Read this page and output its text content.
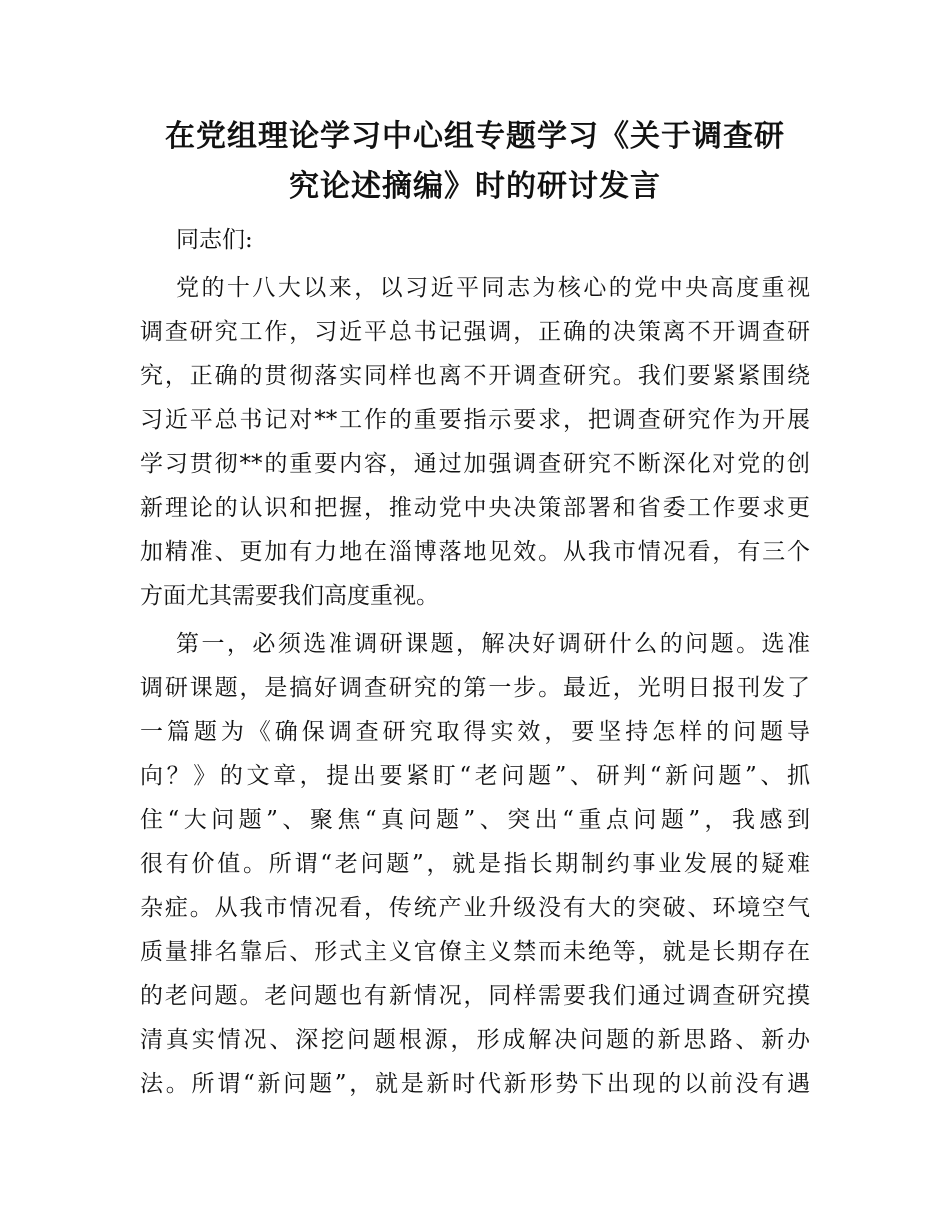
在党组理论学习中心组专题学习《关于调查研
究论述摘编》时的研讨发言

同志们:

党的十八大以来，以习近平同志为核心的党中央高度重视
调查研究工作，习近平总书记强调，正确的决策离不开调查研
究，正确的贯彻落实同样也离不开调查研究。我们要紧紧围绕
习近平总书记对**工作的重要指示要求，把调查研究作为开展
学习贯彻**的重要内容，通过加强调查研究不断深化对党的创
新理论的认识和把握，推动党中央决策部署和省委工作要求更
加精准、更加有力地在淄博落地见效。从我市情况看，有三个
方面尤其需要我们高度重视。
第一，必须选准调研课题，解决好调研什么的问题。选准
调研课题，是搞好调查研究的第一步。最近，光明日报刊发了
一篇题为《确保调查研究取得实效，要坚持怎样的问题导
向？》的文章，提出要紧盯“老问题”、研判“新问题”、抓
住“大问题”、聚焦“真问题”、突出“重点问题”，我感到
很有价值。所谓“老问题”，就是指长期制约事业发展的疑难
杂症。从我市情况看，传统产业升级没有大的突破、环境空气
质量排名靠后、形式主义官僚主义禁而未绝等，就是长期存在
的老问题。老问题也有新情况，同样需要我们通过调查研究摸
清真实情况、深挖问题根源，形成解决问题的新思路、新办
法。所谓“新问题”，就是新时代新形势下出现的以前没有遇
